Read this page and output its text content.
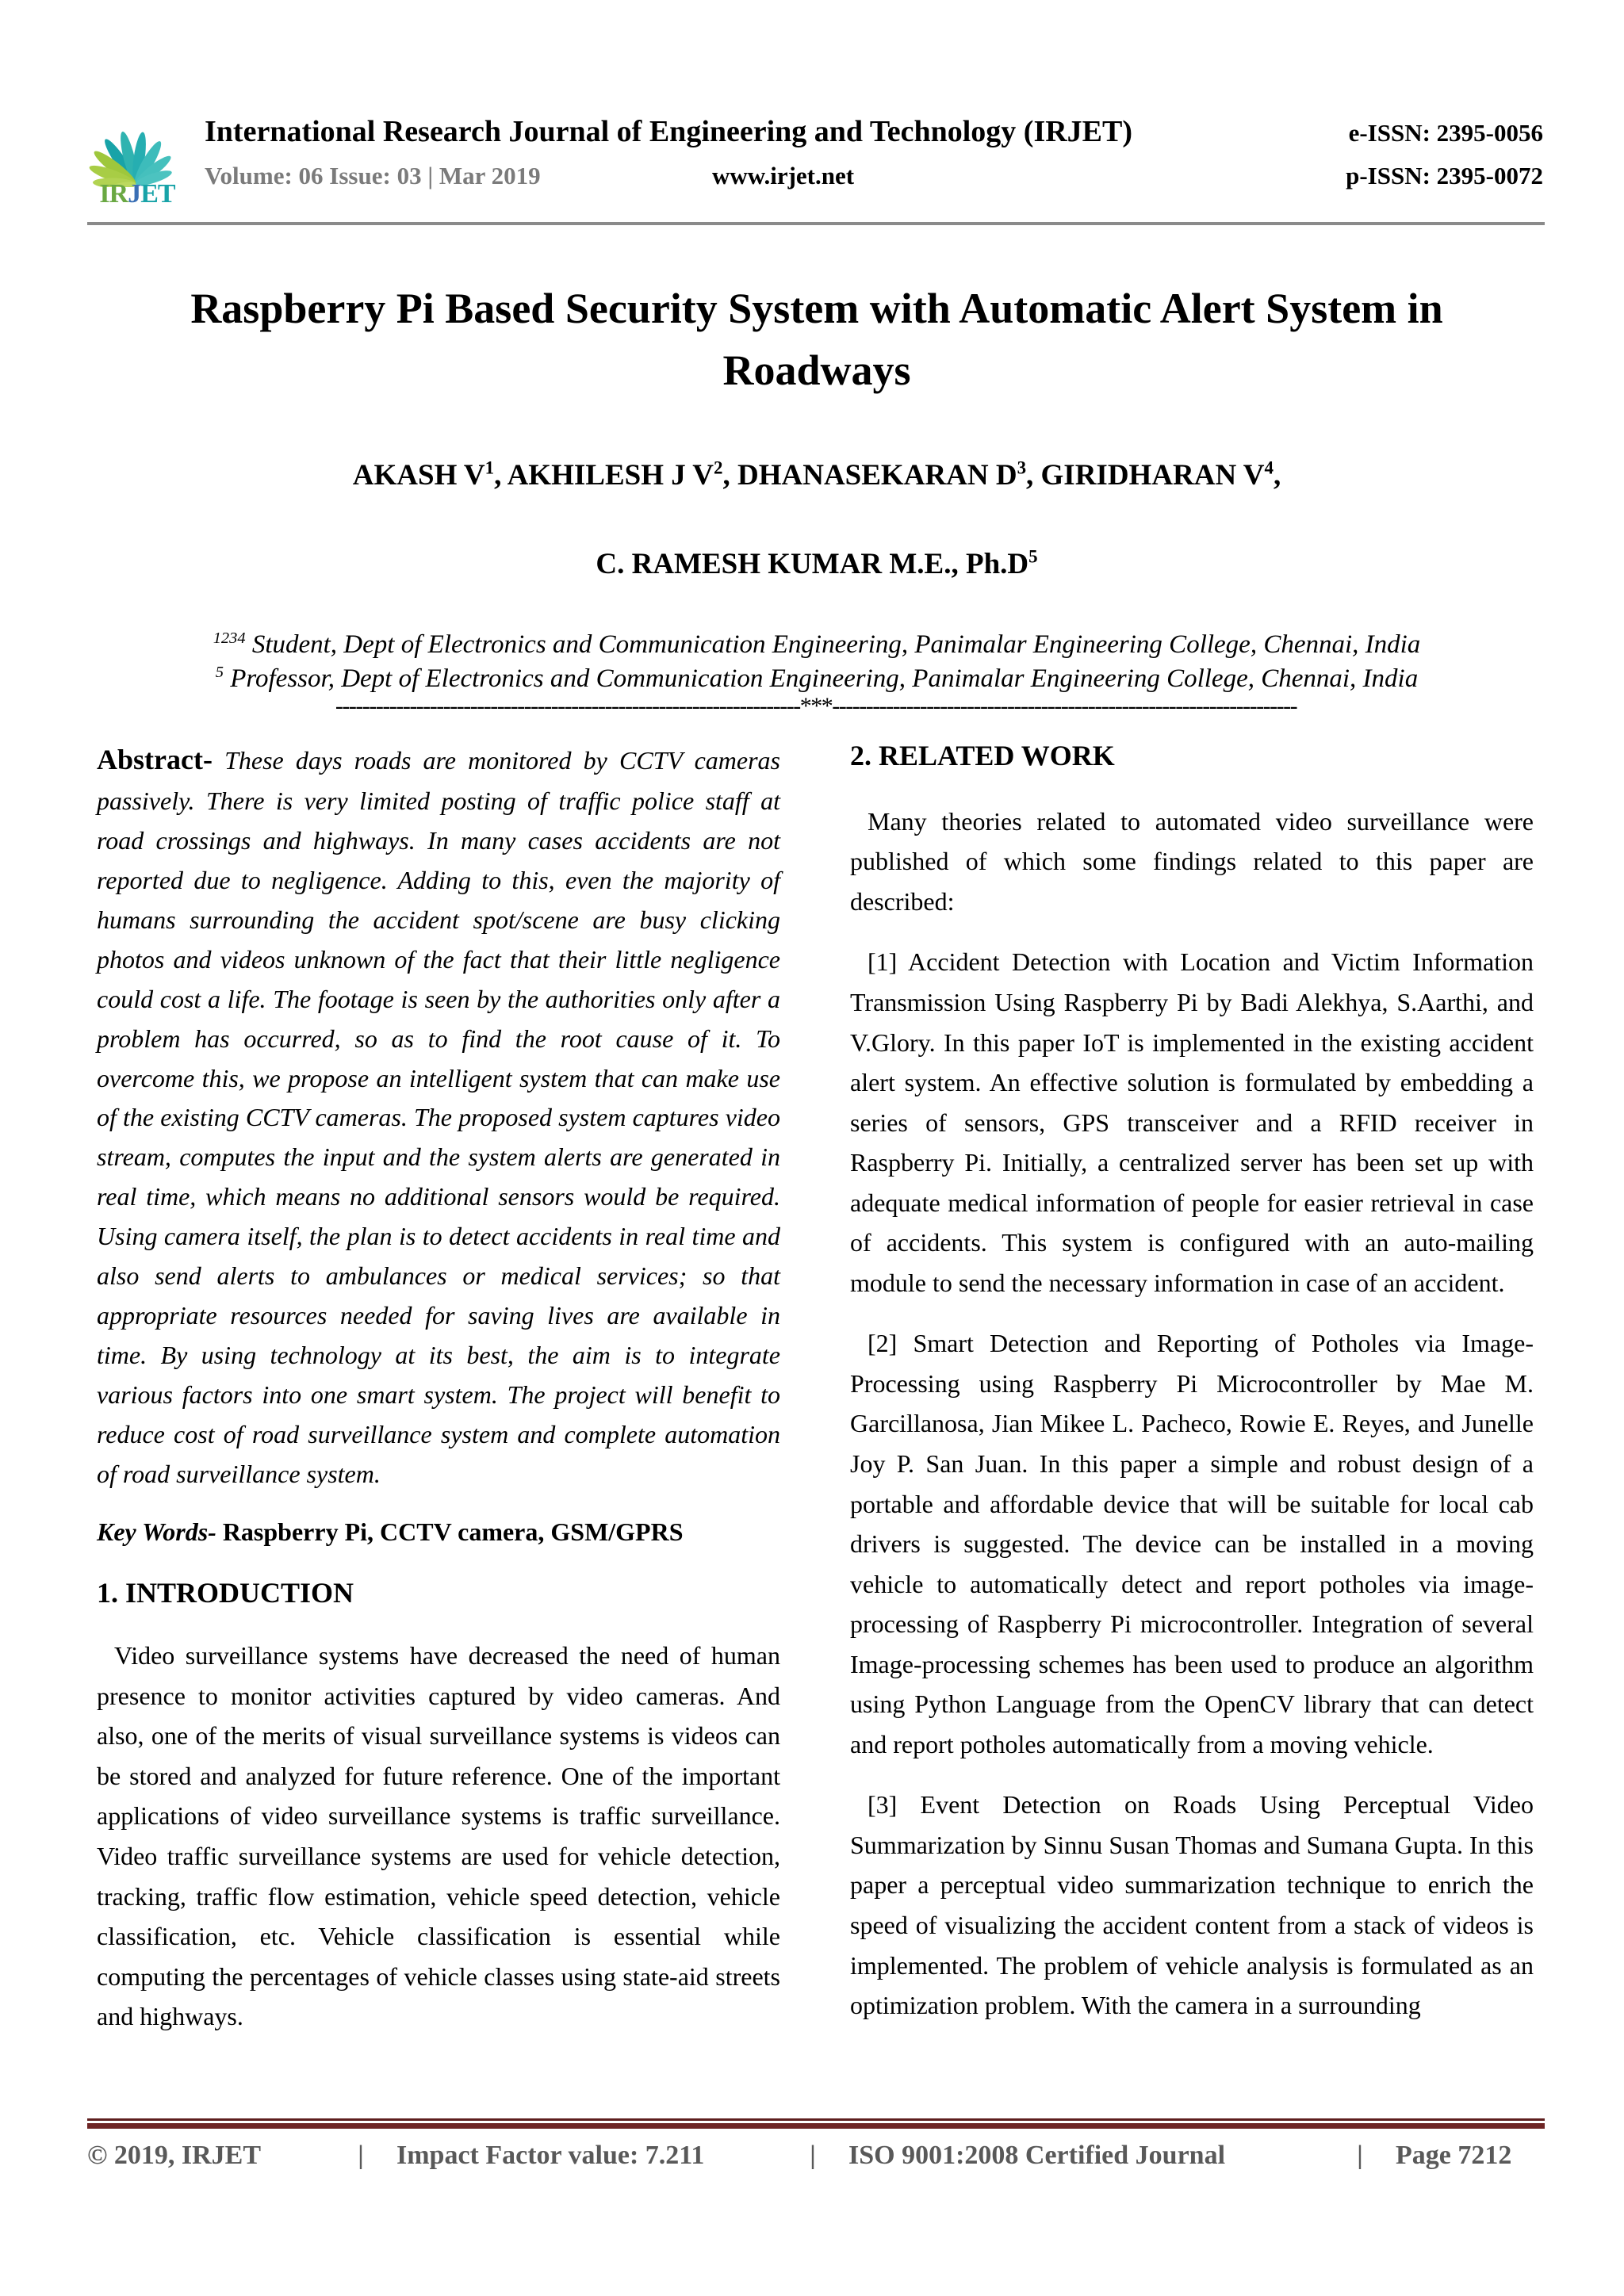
IRJET
International Research Journal of Engineering and Technology (IRJET)	e-ISSN: 2395-0056
Volume: 06 Issue: 03 | Mar 2019	www.irjet.net	p-ISSN: 2395-0072
Raspberry Pi Based Security System with Automatic Alert System in
Roadways
AKASH $V^1$, AKHILESH J $V^2$, DHANASEKARAN $D^3$, GIRIDHARAN $V^4$,
C. RAMESH KUMAR M.E., $Ph.D^5$
$^{1234}$ Student, Dept of Electronics and Communication Engineering, Panimalar Engineering College, Chennai, India
$^5$ Professor, Dept of Electronics and Communication Engineering, Panimalar Engineering College, Chennai, India
---------------------------------------------------------------------***---------------------------------------------------------------------

Abstract- These days roads are monitored by CCTV cameras passively. There is very limited posting of traffic police staff at road crossings and highways. In many cases accidents are not reported due to negligence. Adding to this, even the majority of humans surrounding the accident spot/scene are busy clicking photos and videos unknown of the fact that their little negligence could cost a life. The footage is seen by the authorities only after a problem has occurred, so as to find the root cause of it. To overcome this, we propose an intelligent system that can make use of the existing CCTV cameras. The proposed system captures video stream, computes the input and the system alerts are generated in real time, which means no additional sensors would be required. Using camera itself, the plan is to detect accidents in real time and also send alerts to ambulances or medical services; so that appropriate resources needed for saving lives are available in time. By using technology at its best, the aim is to integrate various factors into one smart system. The project will benefit to reduce cost of road surveillance system and complete automation of road surveillance system.

Key Words- Raspberry Pi, CCTV camera, GSM/GPRS

1. INTRODUCTION

Video surveillance systems have decreased the need of human presence to monitor activities captured by video cameras. And also, one of the merits of visual surveillance systems is videos can be stored and analyzed for future reference. One of the important applications of video surveillance systems is traffic surveillance. Video traffic surveillance systems are used for vehicle detection, tracking, traffic flow estimation, vehicle speed detection, vehicle classification, etc. Vehicle classification is essential while computing the percentages of vehicle classes using state-aid streets and highways.

2. RELATED WORK

Many theories related to automated video surveillance were published of which some findings related to this paper are described:

[1] Accident Detection with Location and Victim Information Transmission Using Raspberry Pi by Badi Alekhya, S.Aarthi, and V.Glory. In this paper IoT is implemented in the existing accident alert system. An effective solution is formulated by embedding a series of sensors, GPS transceiver and a RFID receiver in Raspberry Pi. Initially, a centralized server has been set up with adequate medical information of people for easier retrieval in case of accidents. This system is configured with an auto-mailing module to send the necessary information in case of an accident.

[2] Smart Detection and Reporting of Potholes via Image-Processing using Raspberry Pi Microcontroller by Mae M. Garcillanosa, Jian Mikee L. Pacheco, Rowie E. Reyes, and Junelle Joy P. San Juan. In this paper a simple and robust design of a portable and affordable device that will be suitable for local cab drivers is suggested. The device can be installed in a moving vehicle to automatically detect and report potholes via image-processing of Raspberry Pi microcontroller. Integration of several Image-processing schemes has been used to produce an algorithm using Python Language from the OpenCV library that can detect and report potholes automatically from a moving vehicle.

[3] Event Detection on Roads Using Perceptual Video Summarization by Sinnu Susan Thomas and Sumana Gupta. In this paper a perceptual video summarization technique to enrich the speed of visualizing the accident content from a stack of videos is implemented. The problem of vehicle analysis is formulated as an optimization problem. With the camera in a surrounding

© 2019, IRJET	|	Impact Factor value: 7.211	|	ISO 9001:2008 Certified Journal	|	Page 7212
